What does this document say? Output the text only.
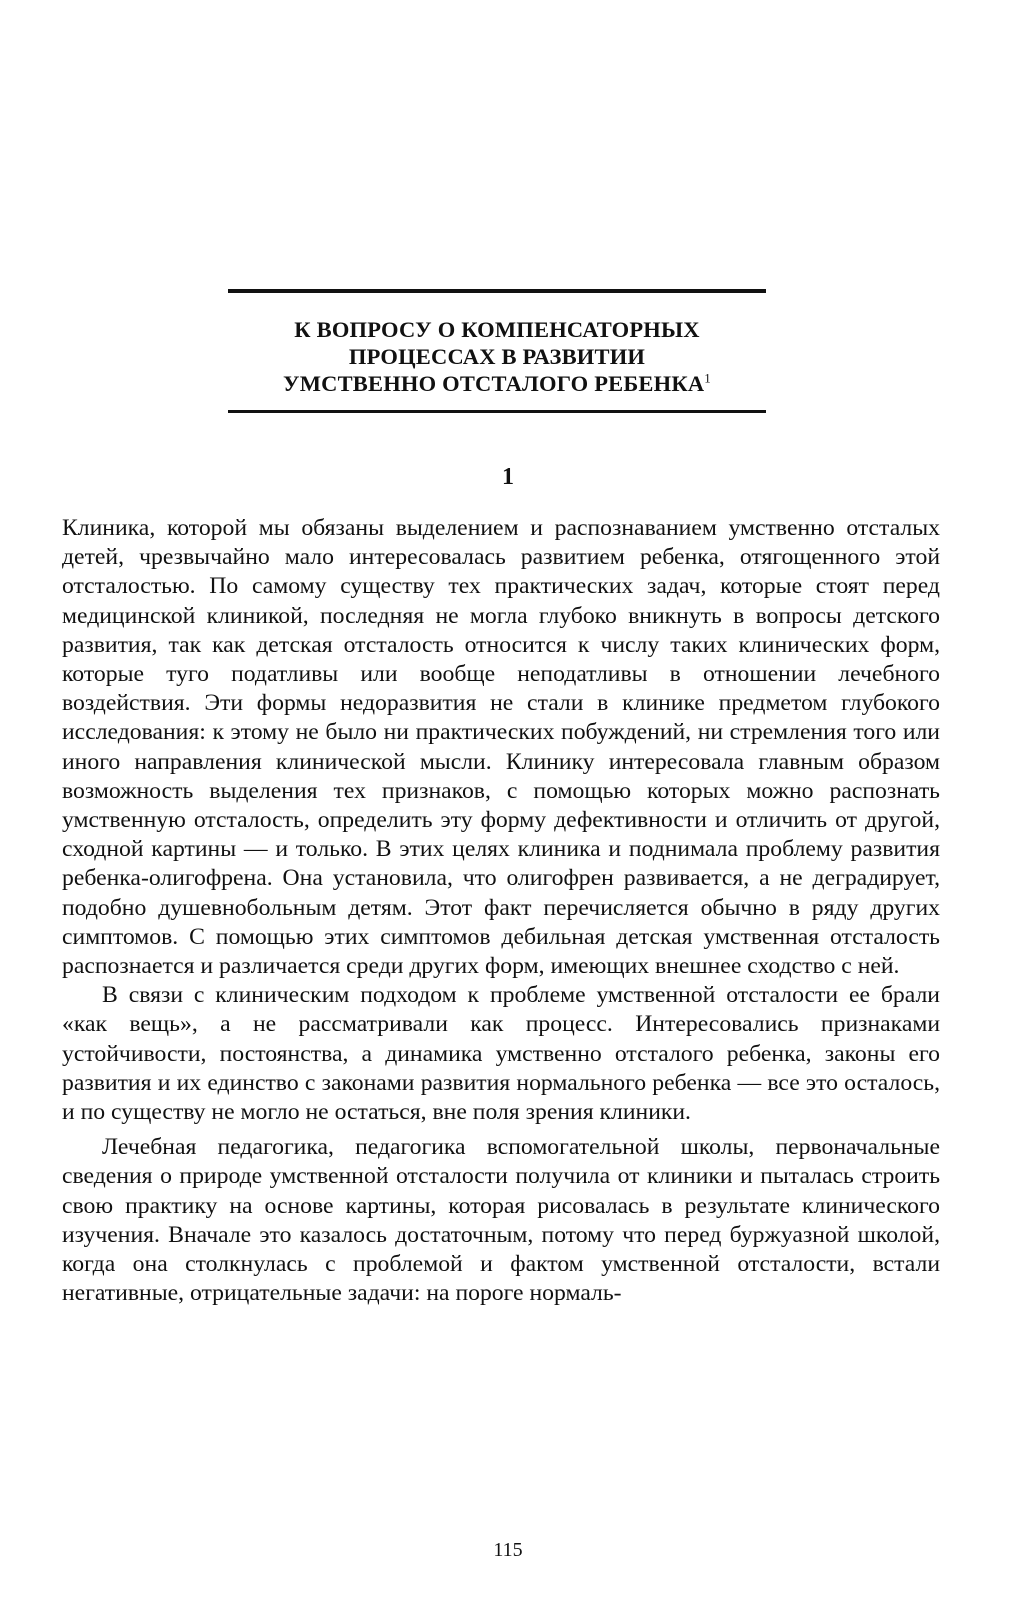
К ВОПРОСУ О КОМПЕНСАТОРНЫХ
ПРОЦЕССАХ В РАЗВИТИИ
УМСТВЕННО ОТСТАЛОГО РЕБЕНКА$^1$
1

Клиника, которой мы обязаны выделением и распознаванием умственно отсталых детей, чрезвычайно мало интересовалась развитием ребенка, отягощенного этой отсталостью. По самому существу тех практических задач, которые стоят перед медицинской клиникой, последняя не могла глубоко вникнуть в вопросы детского развития, так как детская отсталость относится к числу таких клинических форм, которые туго податливы или вообще неподатливы в отношении лечебного воздействия. Эти формы недоразвития не стали в клинике предметом глубокого исследования: к этому не было ни практических побуждений, ни стремления того или иного направления клинической мысли. Клинику интересовала главным образом возможность выделения тех признаков, с помощью которых можно распознать умственную отсталость, определить эту форму дефективности и отличить от другой, сходной картины — и только. В этих целях клиника и поднимала проблему развития ребенка-олигофрена. Она установила, что олигофрен развивается, а не деградирует, подобно душевнобольным детям. Этот факт перечисляется обычно в ряду других симптомов. С помощью этих симптомов дебильная детская умственная отсталость распознается и различается среди других форм, имеющих внешнее сходство с ней.

В связи с клиническим подходом к проблеме умственной отсталости ее брали «как вещь», а не рассматривали как процесс. Интересовались признаками устойчивости, постоянства, а динамика умственно отсталого ребенка, законы его развития и их единство с законами развития нормального ребенка — все это осталось, и по существу не могло не остаться, вне поля зрения клиники.

Лечебная педагогика, педагогика вспомогательной школы, первоначальные сведения о природе умственной отсталости получила от клиники и пыталась строить свою практику на основе картины, которая рисовалась в результате клинического изучения. Вначале это казалось достаточным, потому что перед буржуазной школой, когда она столкнулась с проблемой и фактом умственной отсталости, встали негативные, отрицательные задачи: на пороге нормаль-

115
